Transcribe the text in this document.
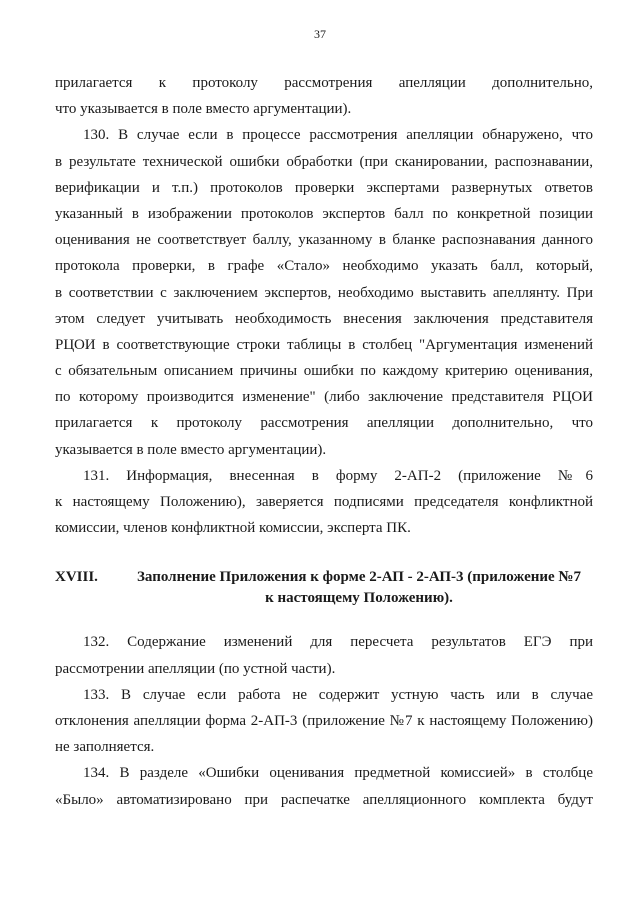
37
прилагается к протоколу рассмотрения апелляции дополнительно,
что указывается в поле вместо аргументации).
130. В случае если в процессе рассмотрения апелляции обнаружено, что
в результате технической ошибки обработки (при сканировании, распознавании,
верификации и т.п.) протоколов проверки экспертами развернутых ответов
указанный в изображении протоколов экспертов балл по конкретной позиции
оценивания не соответствует баллу, указанному в бланке распознавания данного
протокола проверки, в графе «Стало» необходимо указать балл, который,
в соответствии с заключением экспертов, необходимо выставить апеллянту. При
этом следует учитывать необходимость внесения заключения представителя
РЦОИ в соответствующие строки таблицы в столбец "Аргументация изменений
с обязательным описанием причины ошибки по каждому критерию оценивания,
по которому производится изменение" (либо заключение представителя РЦОИ
прилагается к протоколу рассмотрения апелляции дополнительно, что
указывается в поле вместо аргументации).
131. Информация, внесенная в форму 2-АП-2 (приложение №6
к настоящему Положению), заверяется подписями председателя конфликтной
комиссии, членов конфликтной комиссии, эксперта ПК.
XVIII.	Заполнение Приложения к форме 2-АП - 2-АП-3 (приложение №7
к настоящему Положению).
132. Содержание изменений для пересчета результатов ЕГЭ при
рассмотрении апелляции (по устной части).
133. В случае если работа не содержит устную часть или в случае
отклонения апелляции форма 2-АП-3 (приложение №7 к настоящему Положению)
не заполняется.
134. В разделе «Ошибки оценивания предметной комиссией» в столбце
«Было» автоматизировано при распечатке апелляционного комплекта будут
